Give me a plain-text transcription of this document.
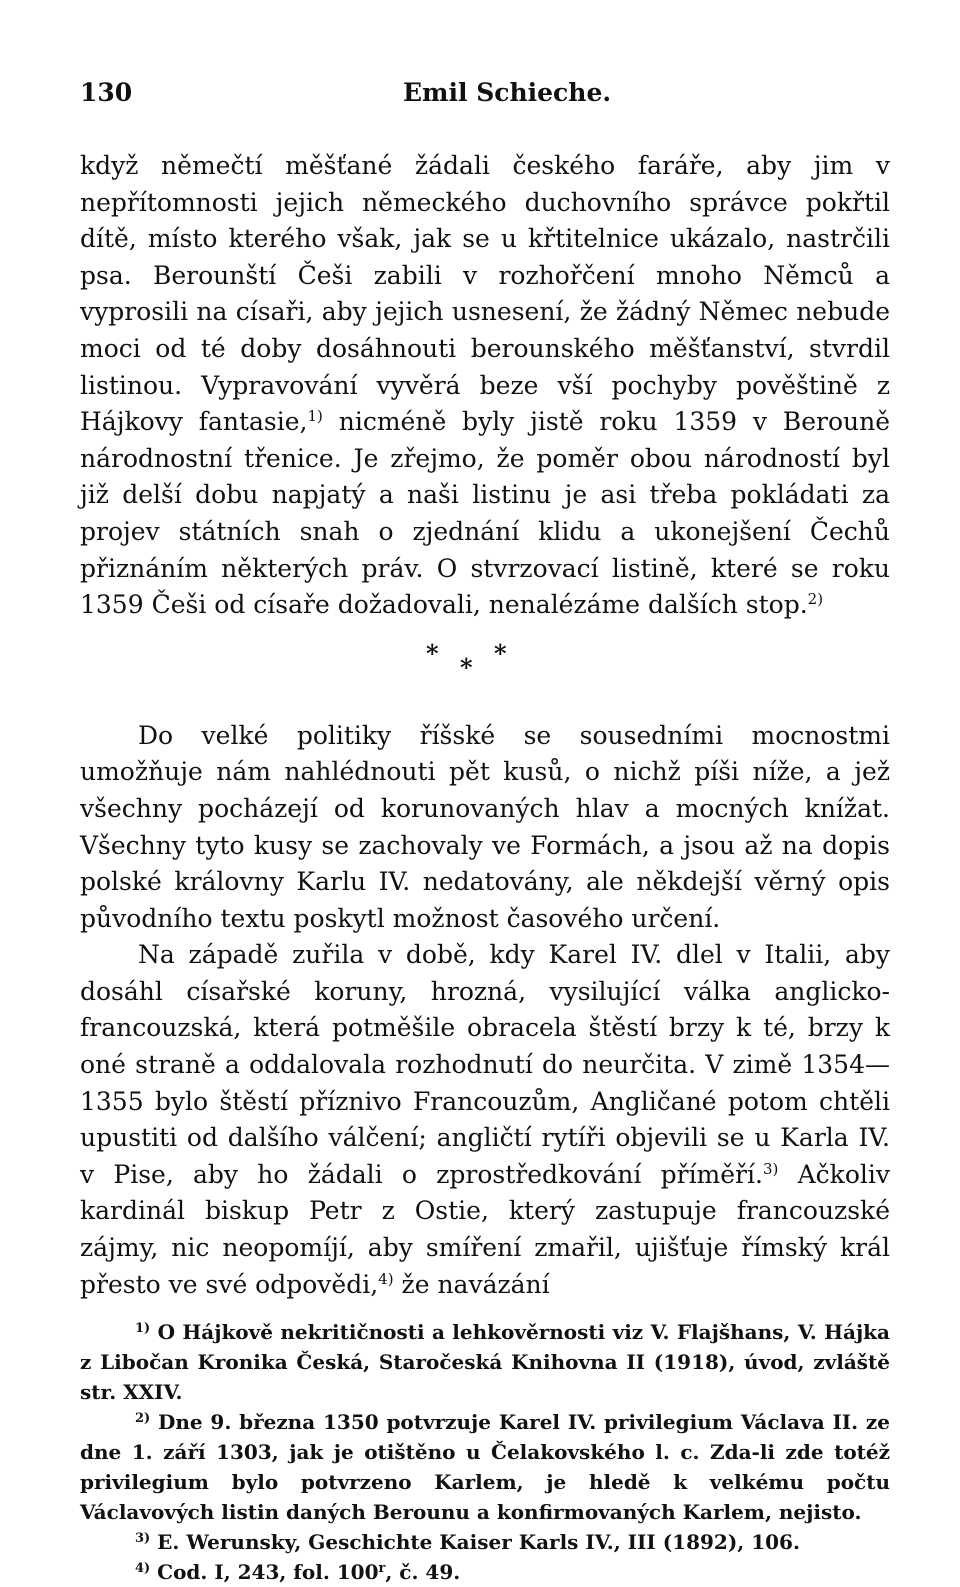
130	Emil Schieche.

když němečtí měšťané žádali českého faráře, aby jim v nepřítomnosti jejich německého duchovního správce pokřtil dítě, místo kterého však, jak se u křtitelnice ukázalo, nastrčili psa. Berounští Češi zabili v rozhořčení mnoho Němců a vyprosili na císaři, aby jejich usnesení, že žádný Němec nebude moci od té doby dosáhnouti berounského měšťanství, stvrdil listinou. Vypravování vyvěrá beze vší pochyby pověštině z Hájkovy fantasie,$^{1)}$ nicméně byly jistě roku 1359 v Berouně národnostní třenice. Je zřejmo, že poměr obou národností byl již delší dobu napjatý a naši listinu je asi třeba pokládati za projev státních snah o zjednání klidu a ukonejšení Čechů přiznáním některých práv. O stvrzovací listině, které se roku 1359 Češi od císaře dožadovali, nenalézáme dalších stop.$^{2)}$

* * *

Do velké politiky říšské se sousedními mocnostmi umožňuje nám nahlédnouti pět kusů, o nichž píši níže, a jež všechny pocházejí od korunovaných hlav a mocných knížat. Všechny tyto kusy se zachovaly ve Formách, a jsou až na dopis polské královny Karlu IV. nedatovány, ale někdejší věrný opis původního textu poskytl možnost časového určení.

Na západě zuřila v době, kdy Karel IV. dlel v Italii, aby dosáhl císařské koruny, hrozná, vysilující válka anglicko-francouzská, která potměšile obracela štěstí brzy k té, brzy k oné straně a oddalovala rozhodnutí do neurčita. V zimě 1354—1355 bylo štěstí příznivo Francouzům, Angličané potom chtěli upustiti od dalšího válčení; angličtí rytíři objevili se u Karla IV. v Pise, aby ho žádali o zprostředkování příměří.$^{3)}$ Ačkoliv kardinál biskup Petr z Ostie, který zastupuje francouzské zájmy, nic neopomíjí, aby smíření zmařil, ujišťuje římský král přesto ve své odpovědi,$^{4)}$ že navázání

$^{1)}$ O Hájkově nekritičnosti a lehkověrnosti viz V. Flajšhans, V. Hájka z Libočan Kronika Česká, Staročeská Knihovna II (1918), úvod, zvláště str. XXIV.

$^{2)}$ Dne 9. března 1350 potvrzuje Karel IV. privilegium Václava II. ze dne 1. září 1303, jak je otištěno u Čelakovského l. c. Zda-li zde totéž privilegium bylo potvrzeno Karlem, je hledě k velkému počtu Václavových listin daných Berounu a konfirmovaných Karlem, nejisto.

$^{3)}$ E. Werunsky, Geschichte Kaiser Karls IV., III (1892), 106.

$^{4)}$ Cod. I, 243, fol. 100$^r$, č. 49.
